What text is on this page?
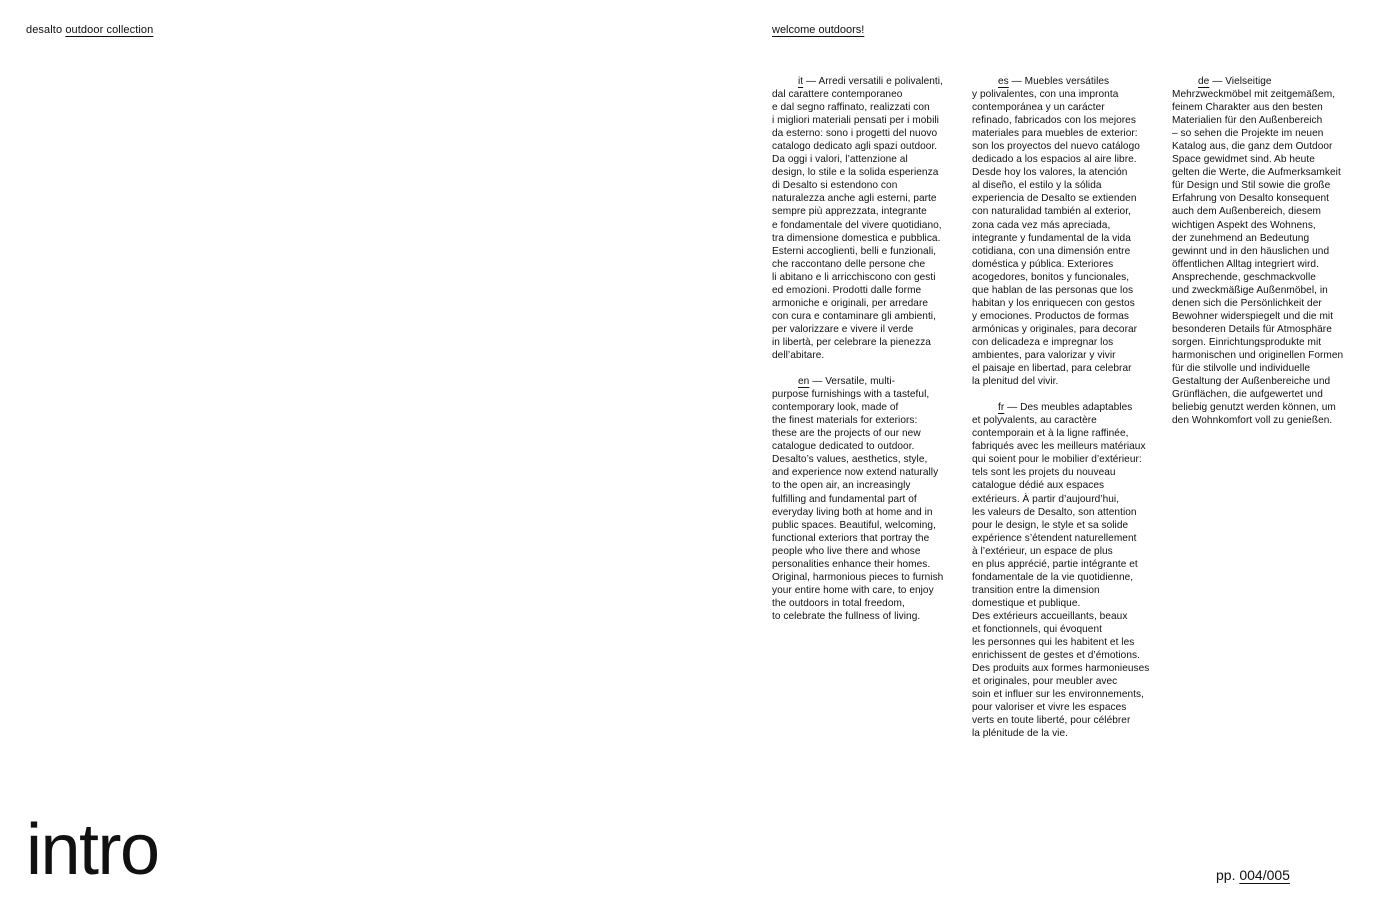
desalto outdoor collection	welcome outdoors!

it — Arredi versatili e polivalenti,
dal carattere contemporaneo
e dal segno raffinato, realizzati con
i migliori materiali pensati per i mobili
da esterno: sono i progetti del nuovo
catalogo dedicato agli spazi outdoor.
Da oggi i valori, l’attenzione al
design, lo stile e la solida esperienza
di Desalto si estendono con
naturalezza anche agli esterni, parte
sempre più apprezzata, integrante
e fondamentale del vivere quotidiano,
tra dimensione domestica e pubblica.
Esterni accoglienti, belli e funzionali,
che raccontano delle persone che
li abitano e li arricchiscono con gesti
ed emozioni. Prodotti dalle forme
armoniche e originali, per arredare
con cura e contaminare gli ambienti,
per valorizzare e vivere il verde
in libertà, per celebrare la pienezza
dell’abitare.

en — Versatile, multi-
purpose furnishings with a tasteful,
contemporary look, made of
the finest materials for exteriors:
these are the projects of our new
catalogue dedicated to outdoor.
Desalto’s values, aesthetics, style,
and experience now extend naturally
to the open air, an increasingly
fulfilling and fundamental part of
everyday living both at home and in
public spaces. Beautiful, welcoming,
functional exteriors that portray the
people who live there and whose
personalities enhance their homes.
Original, harmonious pieces to furnish
your entire home with care, to enjoy
the outdoors in total freedom,
to celebrate the fullness of living.

es — Muebles versátiles
y polivalentes, con una impronta
contemporánea y un carácter
refinado, fabricados con los mejores
materiales para muebles de exterior:
son los proyectos del nuevo catálogo
dedicado a los espacios al aire libre.
Desde hoy los valores, la atención
al diseño, el estilo y la sólida
experiencia de Desalto se extienden
con naturalidad también al exterior,
zona cada vez más apreciada,
integrante y fundamental de la vida
cotidiana, con una dimensión entre
doméstica y pública. Exteriores
acogedores, bonitos y funcionales,
que hablan de las personas que los
habitan y los enriquecen con gestos
y emociones. Productos de formas
armónicas y originales, para decorar
con delicadeza e impregnar los
ambientes, para valorizar y vivir
el paisaje en libertad, para celebrar
la plenitud del vivir.

fr — Des meubles adaptables
et polyvalents, au caractère
contemporain et à la ligne raffinée,
fabriqués avec les meilleurs matériaux
qui soient pour le mobilier d’extérieur:
tels sont les projets du nouveau
catalogue dédié aux espaces
extérieurs. À partir d’aujourd’hui,
les valeurs de Desalto, son attention
pour le design, le style et sa solide
expérience s’étendent naturellement
à l’extérieur, un espace de plus
en plus apprécié, partie intégrante et
fondamentale de la vie quotidienne,
transition entre la dimension
domestique et publique.
Des extérieurs accueillants, beaux
et fonctionnels, qui évoquent
les personnes qui les habitent et les
enrichissent de gestes et d’émotions.
Des produits aux formes harmonieuses
et originales, pour meubler avec
soin et influer sur les environnements,
pour valoriser et vivre les espaces
verts en toute liberté, pour célébrer
la plénitude de la vie.

de — Vielseitige
Mehrzweckmöbel mit zeitgemäßem,
feinem Charakter aus den besten
Materialien für den Außenbereich
– so sehen die Projekte im neuen
Katalog aus, die ganz dem Outdoor
Space gewidmet sind. Ab heute
gelten die Werte, die Aufmerksamkeit
für Design und Stil sowie die große
Erfahrung von Desalto konsequent
auch dem Außenbereich, diesem
wichtigen Aspekt des Wohnens,
der zunehmend an Bedeutung
gewinnt und in den häuslichen und
öffentlichen Alltag integriert wird.
Ansprechende, geschmackvolle
und zweckmäßige Außenmöbel, in
denen sich die Persönlichkeit der
Bewohner widerspiegelt und die mit
besonderen Details für Atmosphäre
sorgen. Einrichtungsprodukte mit
harmonischen und originellen Formen
für die stilvolle und individuelle
Gestaltung der Außenbereiche und
Grünflächen, die aufgewertet und
beliebig genutzt werden können, um
den Wohnkomfort voll zu genießen.

intro	pp. 004/005
